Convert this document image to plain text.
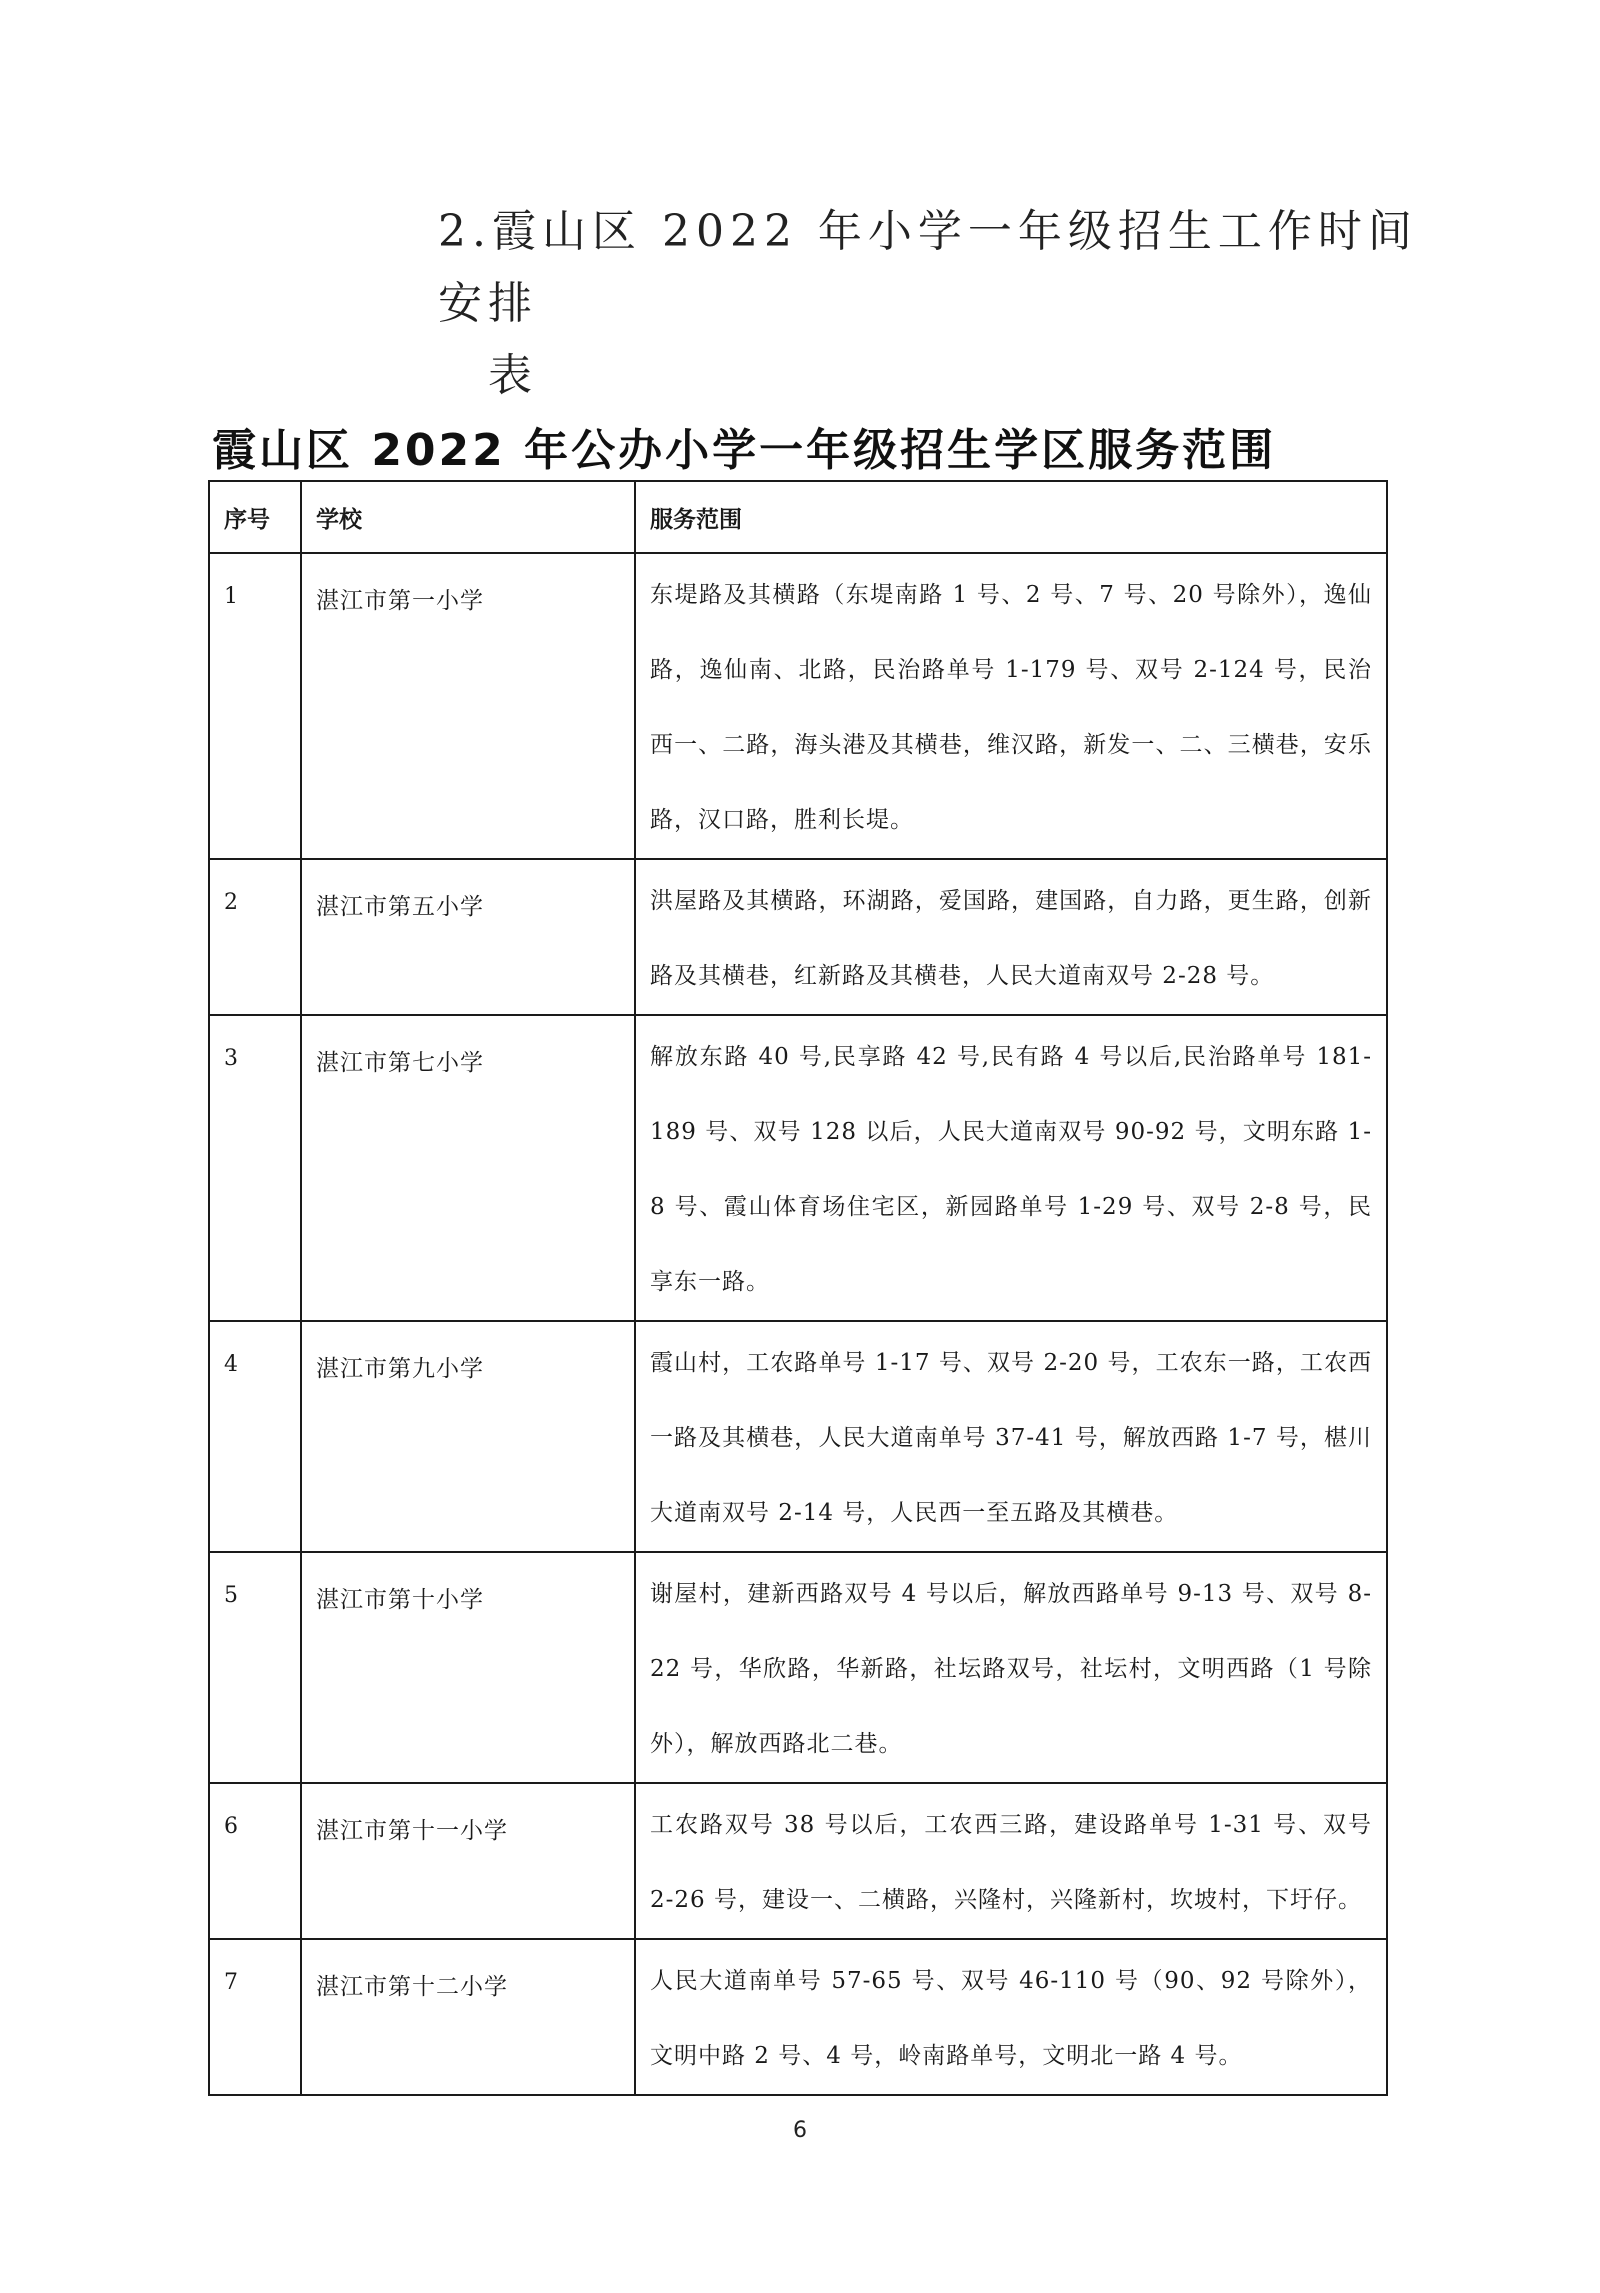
2.霞山区 2022 年小学一年级招生工作时间安排
表
霞山区 2022 年公办小学一年级招生学区服务范围
序号	学校	服务范围
1	湛江市第一小学	东堤路及其横路（东堤南路 1 号、2 号、7 号、20 号除外），逸仙路，逸仙南、北路，民治路单号 1-179 号、双号 2-124 号，民治西一、二路，海头港及其横巷，维汉路，新发一、二、三横巷，安乐路，汉口路，胜利长堤。
2	湛江市第五小学	洪屋路及其横路，环湖路，爱国路，建国路，自力路，更生路，创新路及其横巷，红新路及其横巷，人民大道南双号 2-28 号。
3	湛江市第七小学	解放东路 40 号,民享路 42 号,民有路 4 号以后,民治路单号 181-189 号、双号 128 以后，人民大道南双号 90-92 号，文明东路 1-8 号、霞山体育场住宅区，新园路单号 1-29 号、双号 2-8 号，民享东一路。
4	湛江市第九小学	霞山村，工农路单号 1-17 号、双号 2-20 号，工农东一路，工农西一路及其横巷，人民大道南单号 37-41 号，解放西路 1-7 号，椹川大道南双号 2-14 号，人民西一至五路及其横巷。
5	湛江市第十小学	谢屋村，建新西路双号 4 号以后，解放西路单号 9-13 号、双号 8-22 号，华欣路，华新路，社坛路双号，社坛村，文明西路（1 号除外），解放西路北二巷。
6	湛江市第十一小学	工农路双号 38 号以后，工农西三路，建设路单号 1-31 号、双号 2-26 号，建设一、二横路，兴隆村，兴隆新村，坎坡村，下圩仔。
7	湛江市第十二小学	人民大道南单号 57-65 号、双号 46-110 号（90、92 号除外），文明中路 2 号、4 号，岭南路单号，文明北一路 4 号。
6
